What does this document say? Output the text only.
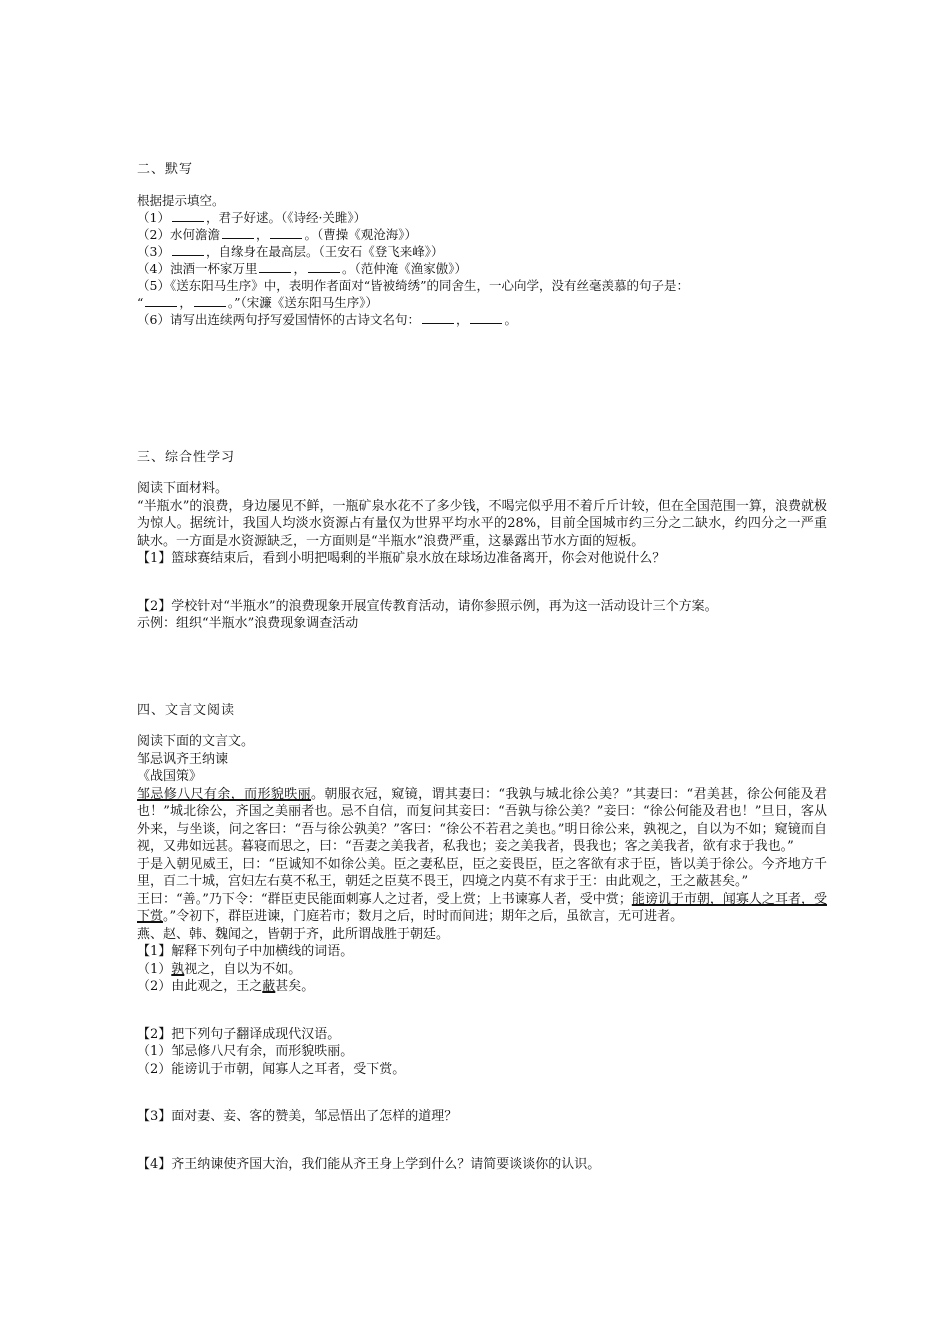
二、默写
根据提示填空。
（1）	，君子好逑。（《诗经·关雎》）
（2）水何澹澹	，	。（曹操《观沧海》）
（3）	，自缘身在最高层。（王安石《登飞来峰》）
（4）浊酒一杯家万里	，	。（范仲淹《渔家傲》）
（5）《送东阳马生序》中，表明作者面对“皆被绮绣”的同舍生，一心向学，没有丝毫羡慕的句子是：
“	，	。”（宋濂《送东阳马生序》）
（6）请写出连续两句抒写爱国情怀的古诗文名句：	，	。
三、综合性学习
阅读下面材料。
“半瓶水”的浪费，身边屡见不鲜，一瓶矿泉水花不了多少钱，不喝完似乎用不着斤斤计较，但在全国范围一算，浪费就极为惊人。据统计，我国人均淡水资源占有量仅为世界平均水平的28%，目前全国城市约三分之二缺水，约四分之一严重缺水。一方面是水资源缺乏，一方面则是“半瓶水”浪费严重，这暴露出节水方面的短板。
【1】篮球赛结束后，看到小明把喝剩的半瓶矿泉水放在球场边准备离开，你会对他说什么？
【2】学校针对“半瓶水”的浪费现象开展宣传教育活动，请你参照示例，再为这一活动设计三个方案。
示例：组织“半瓶水”浪费现象调查活动
四、文言文阅读
阅读下面的文言文。
邹忌讽齐王纳谏
《战国策》
邹忌修八尺有余，而形貌昳丽。朝服衣冠，窥镜，谓其妻曰：“我孰与城北徐公美？”其妻曰：“君美甚，徐公何能及君也！”城北徐公，齐国之美丽者也。忌不自信，而复问其妾曰：“吾孰与徐公美？”妾曰：“徐公何能及君也！”旦日，客从外来，与坐谈，问之客曰：“吾与徐公孰美？”客曰：“徐公不若君之美也。”明日徐公来，孰视之，自以为不如；窥镜而自视，又弗如远甚。暮寝而思之，曰：“吾妻之美我者，私我也；妾之美我者，畏我也；客之美我者，欲有求于我也。”
于是入朝见威王，曰：“臣诚知不如徐公美。臣之妻私臣，臣之妾畏臣，臣之客欲有求于臣，皆以美于徐公。今齐地方千里，百二十城，宫妇左右莫不私王，朝廷之臣莫不畏王，四境之内莫不有求于王：由此观之，王之蔽甚矣。”
王曰：“善。”乃下令：“群臣吏民能面刺寡人之过者，受上赏；上书谏寡人者，受中赏；能谤讥于市朝，闻寡人之耳者，受下赏。”令初下，群臣进谏，门庭若市；数月之后，时时而间进；期年之后，虽欲言，无可进者。
燕、赵、韩、魏闻之，皆朝于齐，此所谓战胜于朝廷。
【1】解释下列句子中加横线的词语。
（1）孰视之，自以为不如。
（2）由此观之，王之蔽甚矣。
【2】把下列句子翻译成现代汉语。
（1）邹忌修八尺有余，而形貌昳丽。
（2）能谤讥于市朝，闻寡人之耳者，受下赏。
【3】面对妻、妾、客的赞美，邹忌悟出了怎样的道理？
【4】齐王纳谏使齐国大治，我们能从齐王身上学到什么？请简要谈谈你的认识。
